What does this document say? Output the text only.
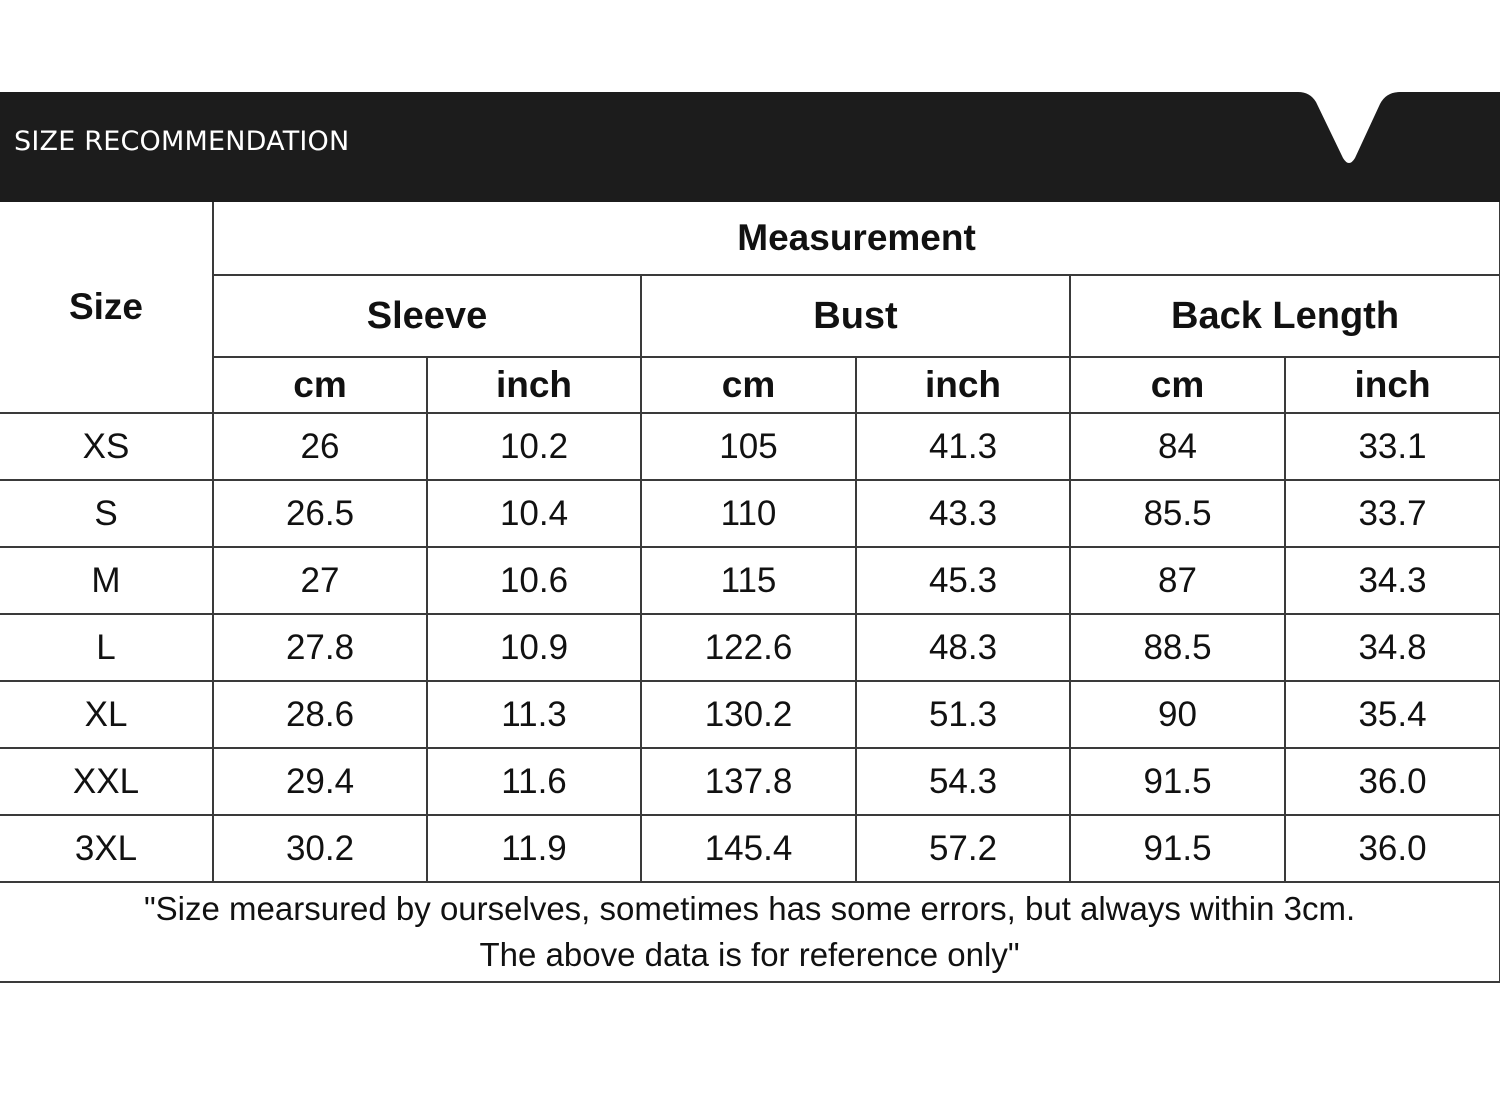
SIZE RECOMMENDATION
Size	Measurement					
	Sleeve		Bust		Back Length	
	cm	inch	cm	inch	cm	inch
XS	26	10.2	105	41.3	84	33.1
S	26.5	10.4	110	43.3	85.5	33.7
M	27	10.6	115	45.3	87	34.3
L	27.8	10.9	122.6	48.3	88.5	34.8
XL	28.6	11.3	130.2	51.3	90	35.4
XXL	29.4	11.6	137.8	54.3	91.5	36.0
3XL	30.2	11.9	145.4	57.2	91.5	36.0

"Size mearsured by ourselves, sometimes has some errors, but always within 3cm.
The above data is for reference only"						
